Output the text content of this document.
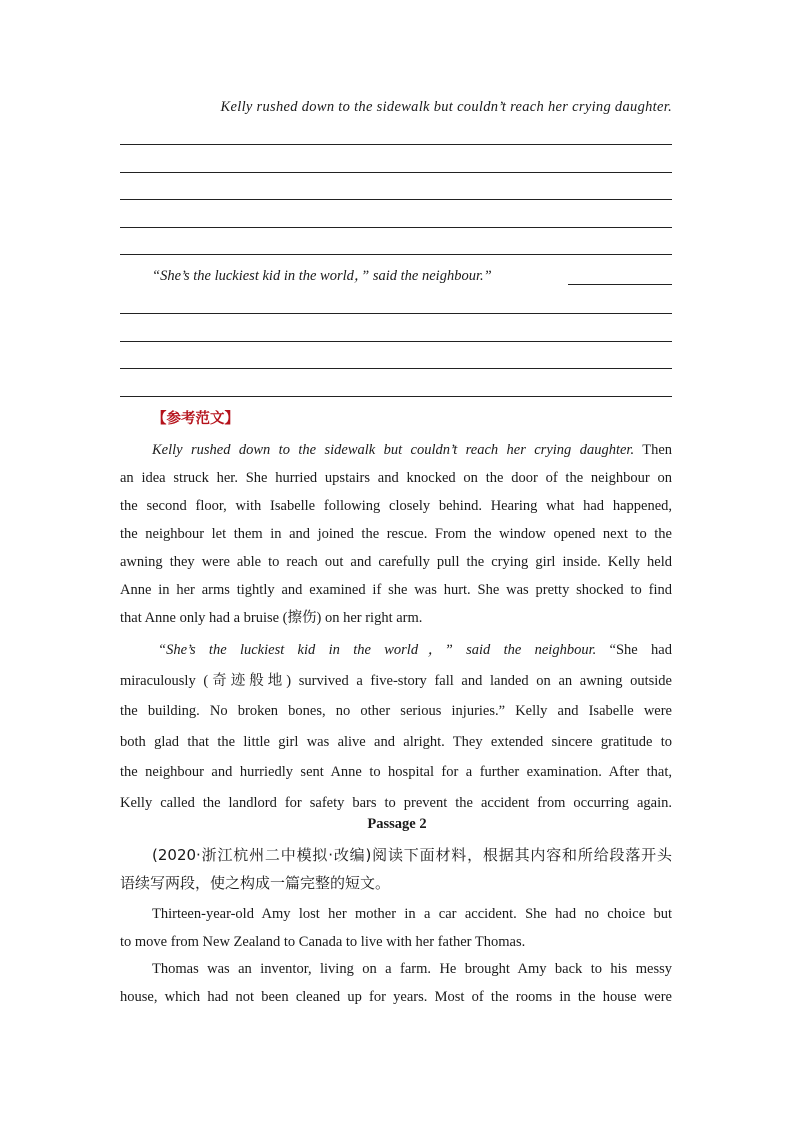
Kelly rushed down to the sidewalk but couldn’t reach her crying daughter.
“She’s the luckiest kid in the world，” said the neighbour.”
【参考范文】
Kelly rushed down to the sidewalk but couldn’t reach her crying daughter. Then
an idea struck her. She hurried upstairs and knocked on the door of the neighbour on
the second floor, with Isabelle following closely behind. Hearing what had happened,
the neighbour let them in and joined the rescue. From the window opened next to the
awning they were able to reach out and carefully pull the crying girl inside. Kelly held
Anne in her arms tightly and examined if she was hurt. She was pretty shocked to find
that Anne only had a bruise (擦伤) on her right arm.
“She’s the luckiest kid in the world，” said the neighbour. “She had
miraculously (奇迹般地) survived a five-story fall and landed on an awning outside
the building. No broken bones, no other serious injuries.” Kelly and Isabelle were
both glad that the little girl was alive and alright. They extended sincere gratitude to
the neighbour and hurriedly sent Anne to hospital for a further examination. After that,
Kelly called the landlord for safety bars to prevent the accident from occurring again.
Passage 2
(2020·浙江杭州二中模拟·改编)阅读下面材料，根据其内容和所给段落开头
语续写两段，使之构成一篇完整的短文。
Thirteen-year-old Amy lost her mother in a car accident. She had no choice but
to move from New Zealand to Canada to live with her father Thomas.
Thomas was an inventor, living on a farm. He brought Amy back to his messy
house, which had not been cleaned up for years. Most of the rooms in the house were
